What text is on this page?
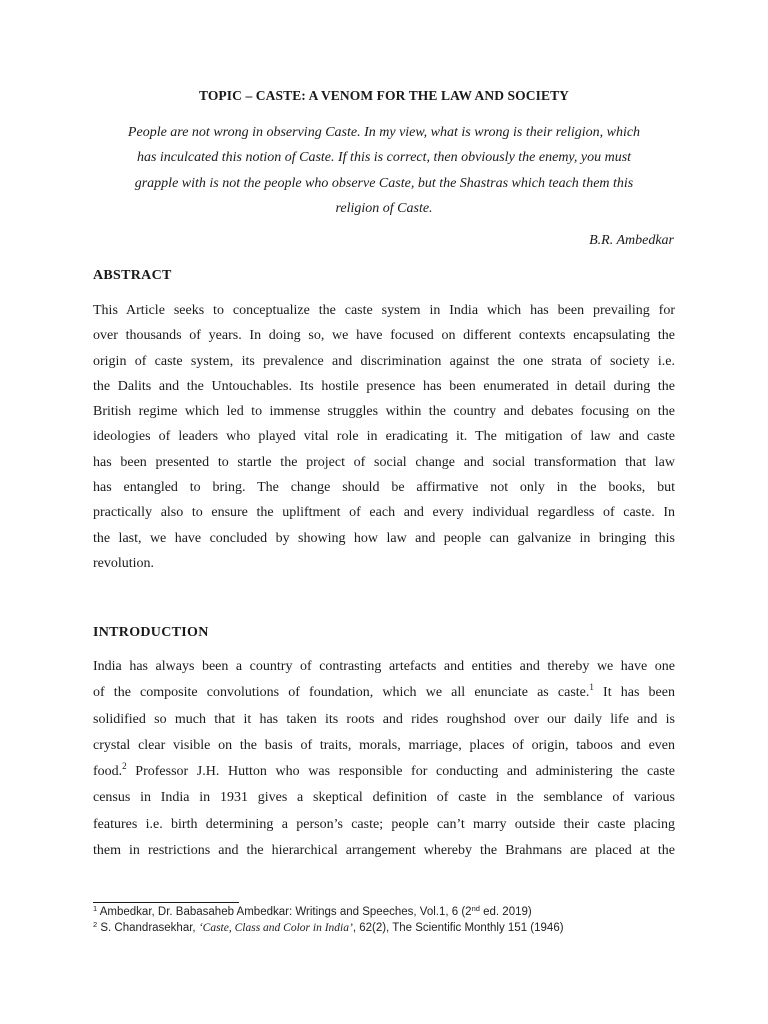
TOPIC – CASTE: A VENOM FOR THE LAW AND SOCIETY
People are not wrong in observing Caste. In my view, what is wrong is their religion, which
has inculcated this notion of Caste. If this is correct, then obviously the enemy, you must
grapple with is not the people who observe Caste, but the Shastras which teach them this
religion of Caste.
B.R. Ambedkar
ABSTRACT
This Article seeks to conceptualize the caste system in India which has been prevailing for
over thousands of years. In doing so, we have focused on different contexts encapsulating the
origin of caste system, its prevalence and discrimination against the one strata of society i.e.
the Dalits and the Untouchables. Its hostile presence has been enumerated in detail during the
British regime which led to immense struggles within the country and debates focusing on the
ideologies of leaders who played vital role in eradicating it. The mitigation of law and caste
has been presented to startle the project of social change and social transformation that law
has entangled to bring. The change should be affirmative not only in the books, but
practically also to ensure the upliftment of each and every individual regardless of caste. In
the last, we have concluded by showing how law and people can galvanize in bringing this
revolution.
INTRODUCTION
India has always been a country of contrasting artefacts and entities and thereby we have one
of the composite convolutions of foundation, which we all enunciate as caste.$^1$ It has been
solidified so much that it has taken its roots and rides roughshod over our daily life and is
crystal clear visible on the basis of traits, morals, marriage, places of origin, taboos and even
food.$^2$ Professor J.H. Hutton who was responsible for conducting and administering the caste
census in India in 1931 gives a skeptical definition of caste in the semblance of various
features i.e. birth determining a person’s caste; people can’t marry outside their caste placing
them in restrictions and the hierarchical arrangement whereby the Brahmans are placed at the
$^1$ Ambedkar, Dr. Babasaheb Ambedkar: Writings and Speeches, Vol.1, 6 (2nd ed. 2019)
$^2$ S. Chandrasekhar, ‘Caste, Class and Color in India’, 62(2), The Scientific Monthly 151 (1946)
